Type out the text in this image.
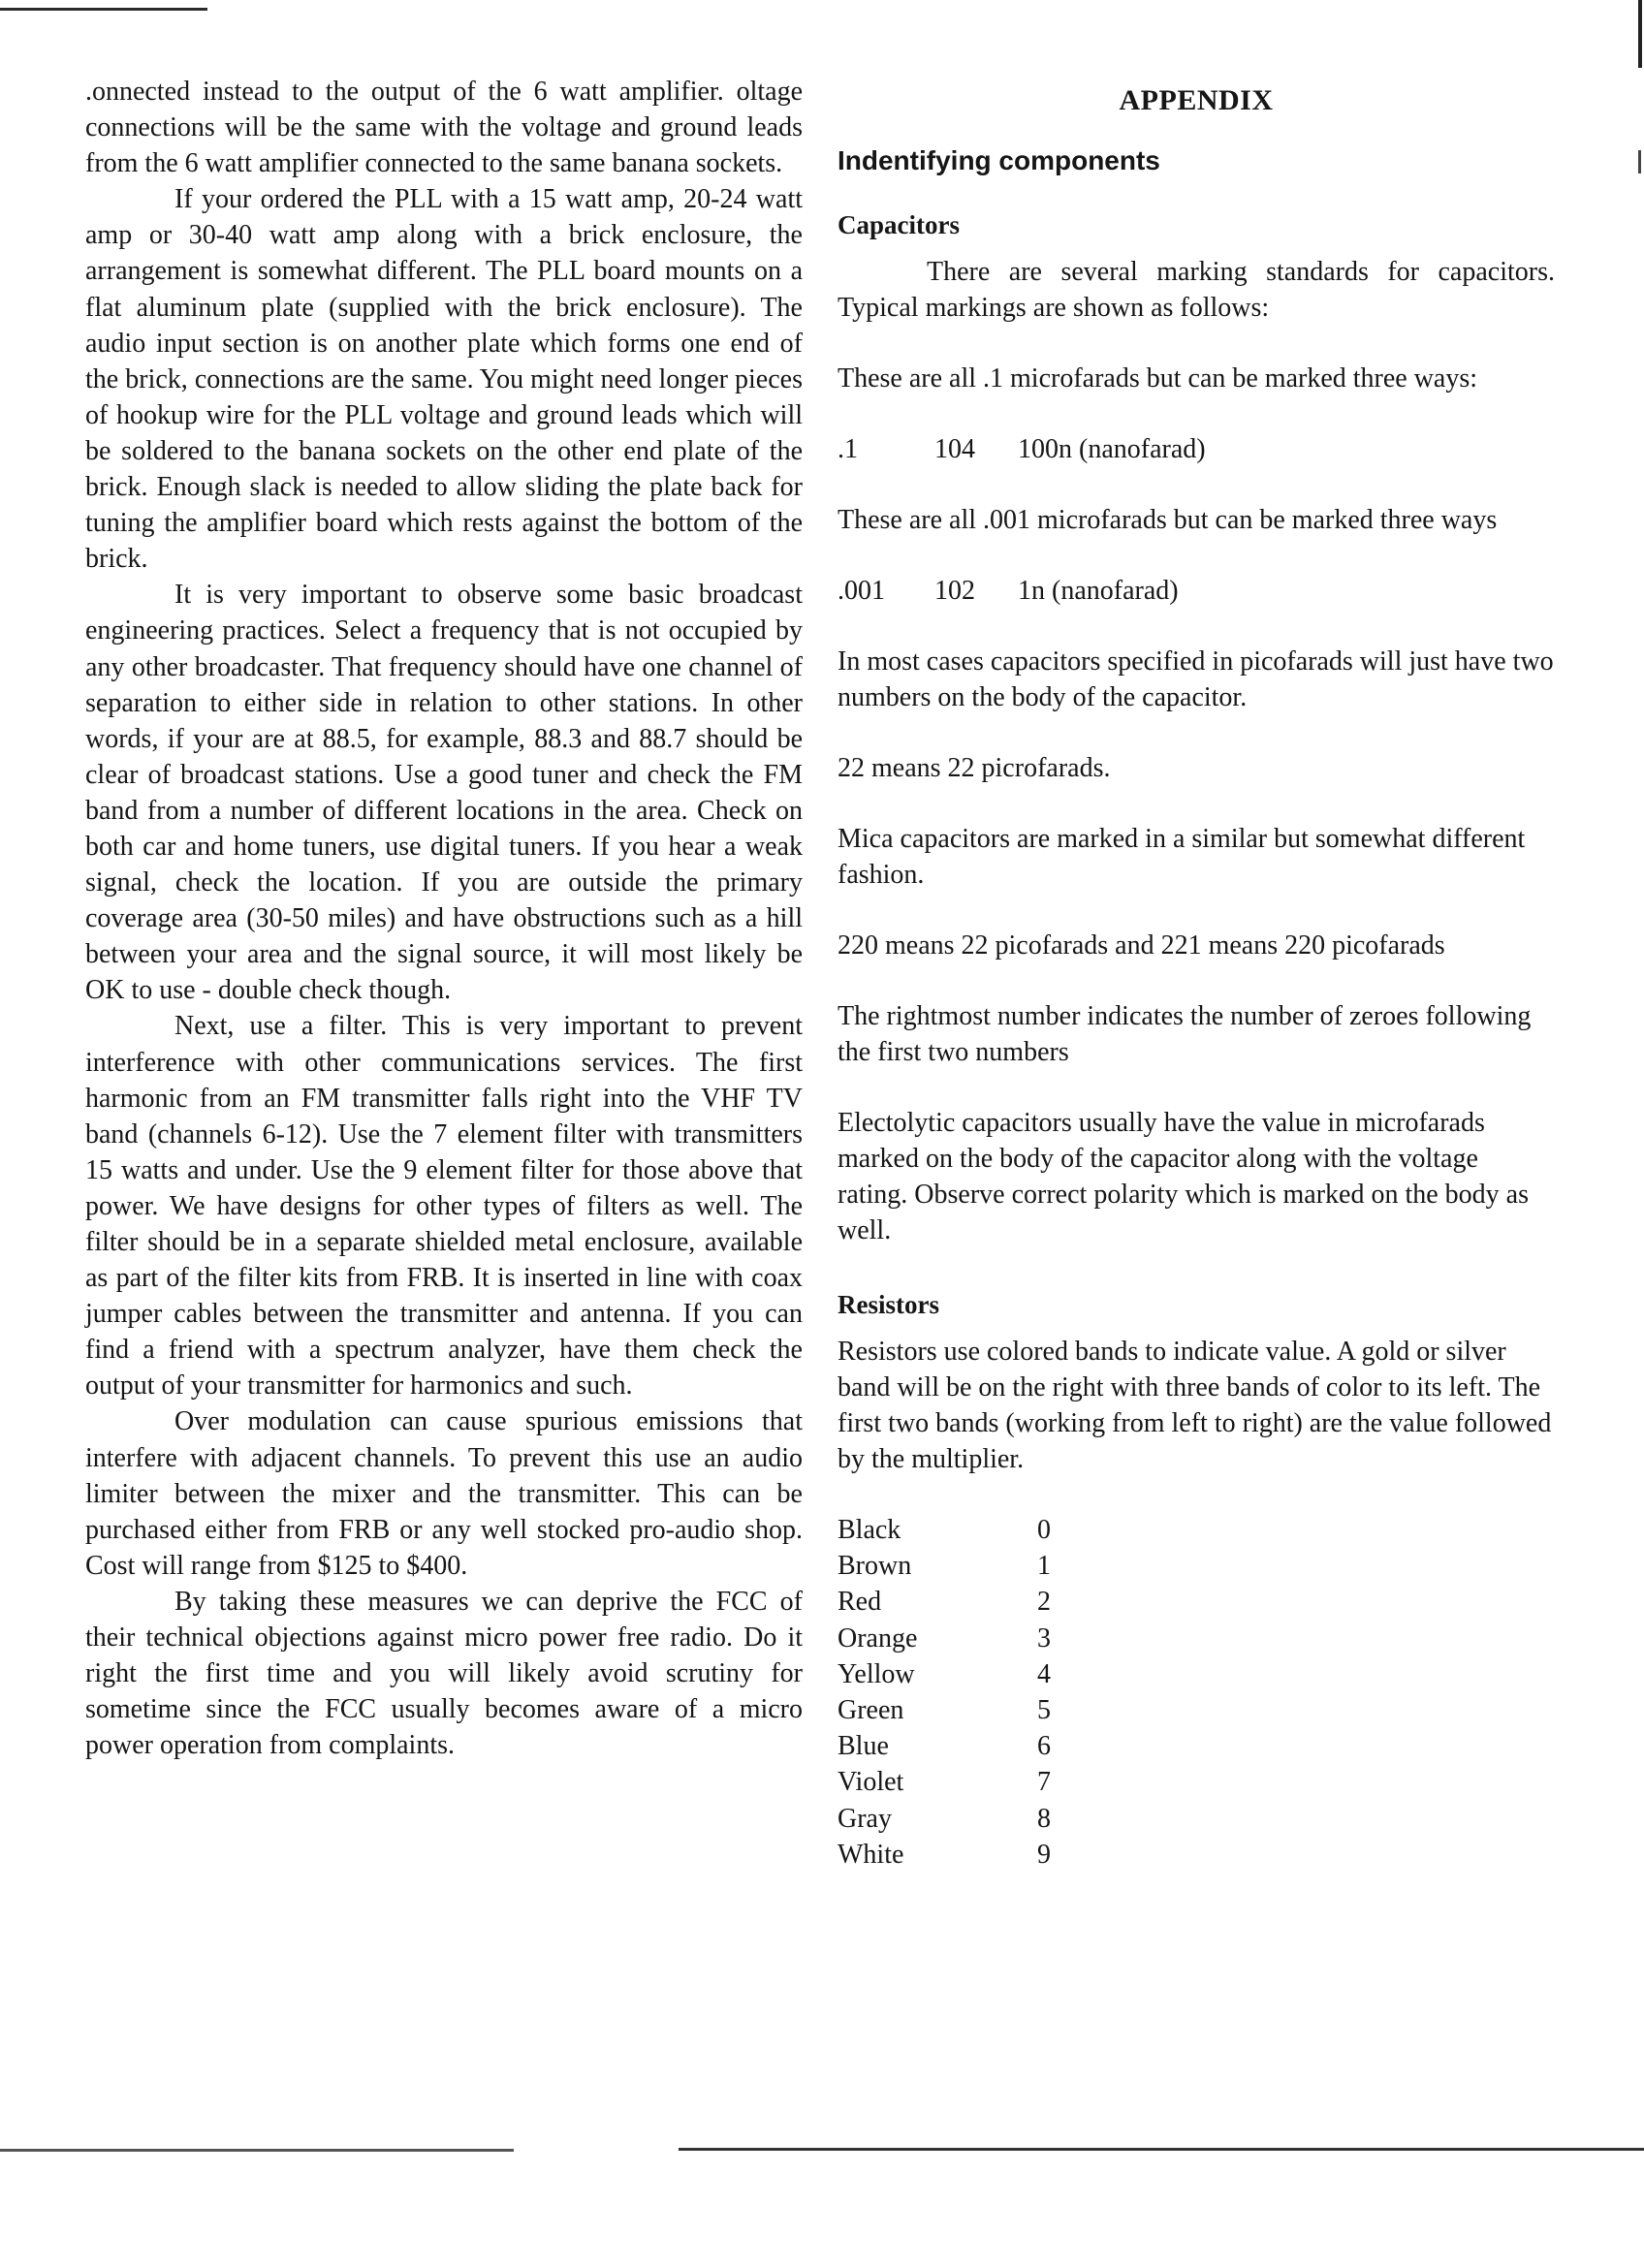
.onnected instead to the output of the 6 watt amplifier. oltage connections will be the same with the voltage and ground leads from the 6 watt amplifier connected to the same banana sockets.

If your ordered the PLL with a 15 watt amp, 20-24 watt amp or 30-40 watt amp along with a brick enclosure, the arrangement is somewhat different. The PLL board mounts on a flat aluminum plate (supplied with the brick enclosure). The audio input section is on another plate which forms one end of the brick, connections are the same. You might need longer pieces of hookup wire for the PLL voltage and ground leads which will be soldered to the banana sockets on the other end plate of the brick. Enough slack is needed to allow sliding the plate back for tuning the amplifier board which rests against the bottom of the brick.

It is very important to observe some basic broadcast engineering practices. Select a frequency that is not occupied by any other broadcaster. That frequency should have one channel of separation to either side in relation to other stations. In other words, if your are at 88.5, for example, 88.3 and 88.7 should be clear of broadcast stations. Use a good tuner and check the FM band from a number of different locations in the area. Check on both car and home tuners, use digital tuners. If you hear a weak signal, check the location. If you are outside the primary coverage area (30-50 miles) and have obstructions such as a hill between your area and the signal source, it will most likely be OK to use - double check though.

Next, use a filter. This is very important to prevent interference with other communications services. The first harmonic from an FM transmitter falls right into the VHF TV band (channels 6-12). Use the 7 element filter with transmitters 15 watts and under. Use the 9 element filter for those above that power. We have designs for other types of filters as well. The filter should be in a separate shielded metal enclosure, available as part of the filter kits from FRB. It is inserted in line with coax jumper cables between the transmitter and antenna. If you can find a friend with a spectrum analyzer, have them check the output of your transmitter for harmonics and such.

Over modulation can cause spurious emissions that interfere with adjacent channels. To prevent this use an audio limiter between the mixer and the transmitter. This can be purchased either from FRB or any well stocked pro-audio shop. Cost will range from $125 to $400.

By taking these measures we can deprive the FCC of their technical objections against micro power free radio. Do it right the first time and you will likely avoid scrutiny for sometime since the FCC usually becomes aware of a micro power operation from complaints.

APPENDIX
Indentifying components
Capacitors

There are several marking standards for capacitors. Typical markings are shown as follows:

These are all .1 microfarads but can be marked three ways:

.1	104	100n (nanofarad)

These are all .001 microfarads but can be marked three ways

.001	102	1n (nanofarad)

In most cases capacitors specified in picofarads will just have two numbers on the body of the capacitor.

22 means 22 picrofarads.

Mica capacitors are marked in a similar but somewhat different fashion.

220 means 22 picofarads and 221 means 220 picofarads

The rightmost number indicates the number of zeroes following the first two numbers

Electolytic capacitors usually have the value in microfarads marked on the body of the capacitor along with the voltage rating. Observe correct polarity which is marked on the body as well.

Resistors

Resistors use colored bands to indicate value. A gold or silver band will be on the right with three bands of color to its left. The first two bands (working from left to right) are the value followed by the multiplier.

Black	0
Brown	1
Red	2
Orange	3
Yellow	4
Green	5
Blue	6
Violet	7
Gray	8
White	9
